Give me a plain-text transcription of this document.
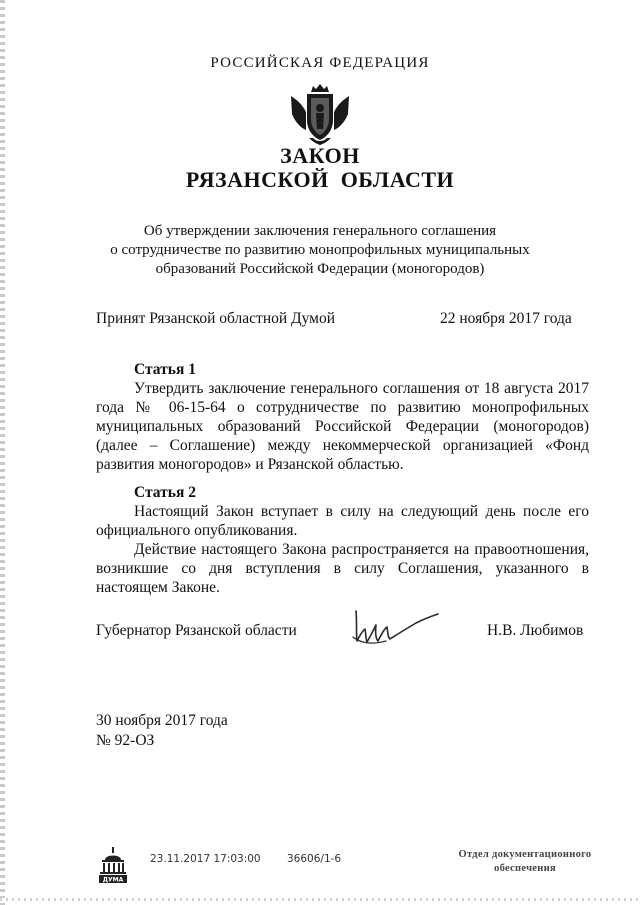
РОССИЙСКАЯ ФЕДЕРАЦИЯ
ЗАКОН
РЯЗАНСКОЙ ОБЛАСТИ
Об утверждении заключения генерального соглашения
о сотрудничестве по развитию монопрофильных муниципальных
образований Российской Федерации (моногородов)
Принят Рязанской областной Думой	22 ноября 2017 года
Статья 1

Утвердить заключение генерального соглашения от 18 августа 2017 года № 06-15-64 о сотрудничестве по развитию монопрофильных муниципальных образований Российской Федерации (моногородов) (далее – Соглашение) между некоммерческой организацией «Фонд развития моногородов» и Рязанской областью.

Статья 2

Настоящий Закон вступает в силу на следующий день после его официального опубликования.

Действие настоящего Закона распространяется на правоотношения, возникшие со дня вступления в силу Соглашения, указанного в настоящем Законе.

Губернатор Рязанской области	Н.В. Любимов
30 ноября 2017 года
№ 92-ОЗ
ДУМА
23.11.2017 17:03:00	36606/1-6	Отдел документационного
обеспечения
